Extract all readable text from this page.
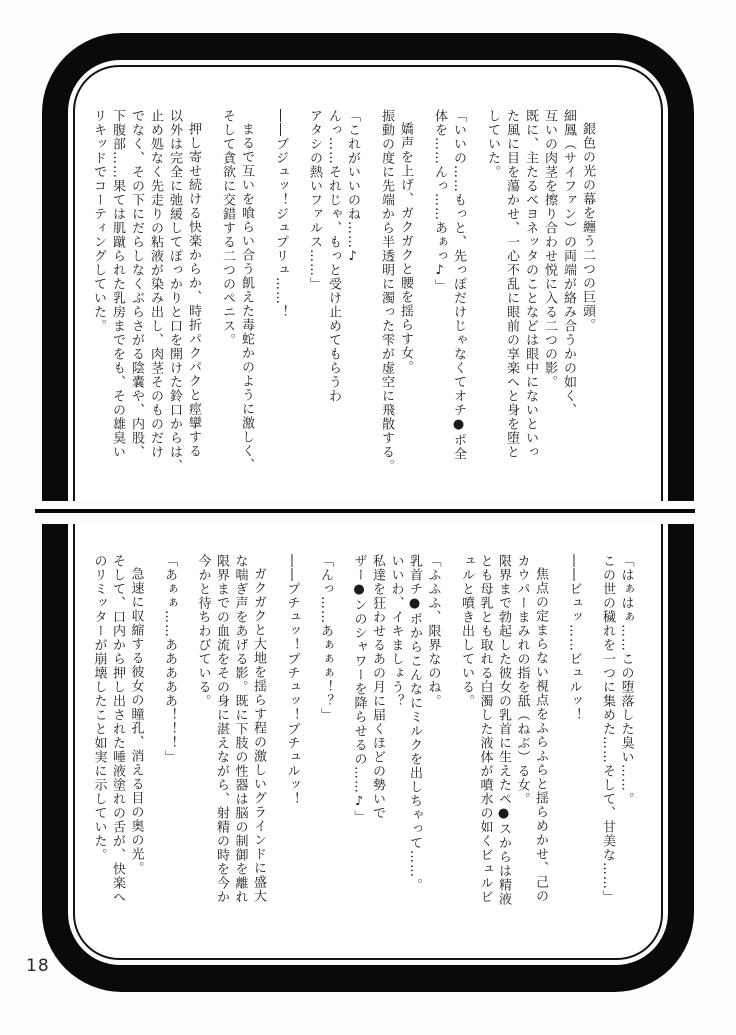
銀色の光の幕を纏う二つの巨頭。
細鳳（サイファン）の両端が絡み合うかの如く、
互いの肉茎を擦り合わせ悦に入る二つの影。
既に、主たるベヨネッタのことなどは眼中にないといっ
た風に目を蕩かせ、一心不乱に眼前の享楽へと身を堕と
していた。
「いいの……もっと、先っぽだけじゃなくてオチ●ポ全
体を……んっ……あぁっ♪」
嬌声を上げ、ガクガクと腰を揺らす女。
振動の度に先端から半透明に濁った雫が虚空に飛散する。
「これがいいのね……♪
んっ……それじゃ、もっと受け止めてもらうわ
アタシの熱いファルス……」
――ブジュッ！ジュプリュ……！
まるで互いを喰らい合う飢えた毒蛇かのように激しく、
そして貪欲に交錯する二つのペニス。
押し寄せ続ける快楽からか、時折パクパクと痙攣する
以外は完全に弛緩してぽっかりと口を開けた鈴口からは、
止め処なく先走りの粘液が染み出し、肉茎そのものだけ
でなく、その下にだらしなくぶらさがる陰嚢や、内股、
下腹部……果ては肌蹴られた乳房までをも、その雄臭い
リキッドでコーティングしていた。
「はぁはぁ……この堕落した臭い……。
この世の穢れを一つに集めた……そして、甘美な……」
――ビュッ……ビュルッ！
焦点の定まらない視点をふらふらと揺らめかせ、己の
カウパーまみれの指を舐（ねぶ）る女。
限界まで勃起した彼女の乳首に生えたペ●スからは精液
とも母乳とも取れる白濁した液体が噴水の如くビュルビ
ュルと噴き出している。
「ふふふ、限界なのね。
乳首チ●ポからこんなにミルクを出しちゃって……。
いいわ、イキましょう？
私達を狂わせるあの月に届くほどの勢いで
ザー●ンのシャワーを降らせるの……♪」
「んっ……あぁぁぁ！？」
――プチュッ！プチュッ！プチュルッ！
ガクガクと大地を揺らす程の激しいグラインドに盛大
な喘ぎ声をあげる影。既に下肢の性器は脳の制御を離れ
限界までの血流をその身に湛えながら、射精の時を今か
今かと待ちわびている。
「あぁぁ……あああああ！！！」
急速に収縮する彼女の瞳孔、消える目の奥の光。
そして、口内から押し出された唾液塗れの舌が、快楽へ
のリミッターが崩壊したこと如実に示していた。
18
